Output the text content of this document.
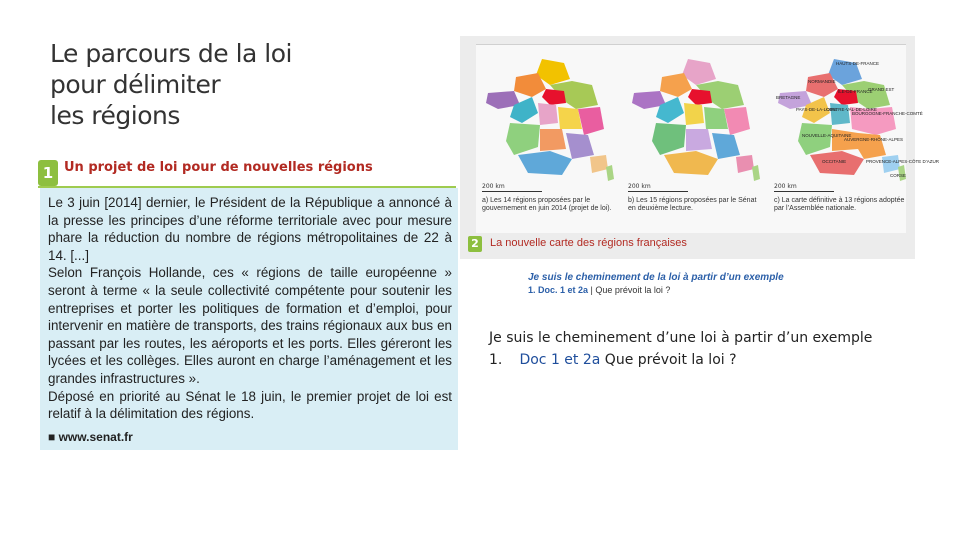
Le parcours de la loi
pour délimiter
les régions
1 Un projet de loi pour de nouvelles régions

Le 3 juin [2014] dernier, le Président de la République a annoncé à la presse les principes d’une réforme territoriale avec pour mesure phare la réduction du nombre de régions métropolitaines de 22 à 14. [...]

Selon François Hollande, ces « régions de taille européenne » seront à terme « la seule collectivité compétente pour soutenir les entreprises et porter les politiques de formation et d’emploi, pour intervenir en matière de transports, des trains régionaux aux bus en passant par les routes, les aéroports et les ports. Elles géreront les lycées et les collèges. Elles auront en charge l’aménagement et les grandes infrastructures ».

Déposé en priorité au Sénat le 18 juin, le premier projet de loi est relatif à la délimitation des régions.

■ www.senat.fr
HAUTS-DE-FRANCE
NORMANDIE
ÎLE-DE-FRANCE
GRAND EST
BRETAGNE
PAYS-DE-LA-LOIRE
CENTRE-VAL-DE-LOIRE
BOURGOGNE-FRANCHE-COMTÉ
NOUVELLE-AQUITAINE
AUVERGNE-RHÔNE-ALPES
OCCITANIE	PROVENCE-ALPES-CÔTE D’AZUR
CORSE
200 km	200 km	200 km
a) Les 14 régions proposées par le gouvernement en juin 2014 (projet de loi).
b) Les 15 régions proposées par le Sénat en deuxième lecture.
c) La carte définitive à 13 régions adoptée par l’Assemblée nationale.
2 La nouvelle carte des régions françaises
Je suis le cheminement de la loi à partir d’un exemple
1. Doc. 1 et 2a | Que prévoit la loi ?
Je suis le cheminement d’une loi à partir d’un exemple
1. Doc 1 et 2a Que prévoit la loi ?
